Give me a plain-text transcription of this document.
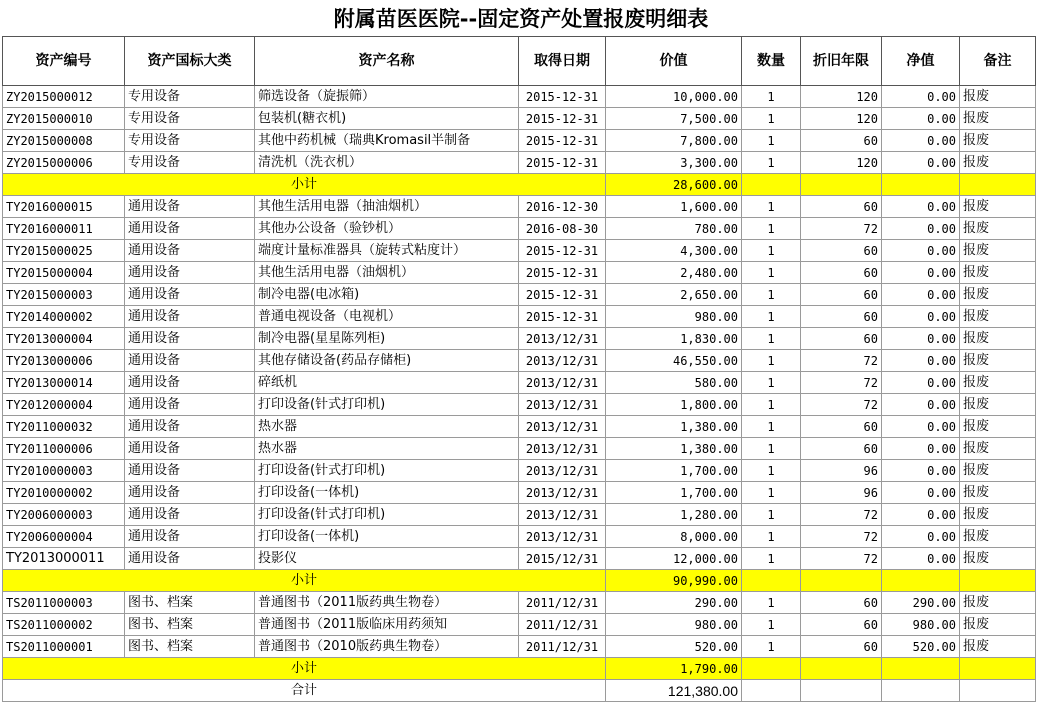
附属苗医医院--固定资产处置报废明细表
资产编号	资产国标大类	资产名称	取得日期	价值	数量	折旧年限	净值	备注
ZY2015000012	专用设备	筛选设备（旋振筛）	2015-12-31	10,000.00	1	120	0.00	报废
ZY2015000010	专用设备	包装机(糖衣机)	2015-12-31	7,500.00	1	120	0.00	报废
ZY2015000008	专用设备	其他中药机械（瑞典Kromasil半制备	2015-12-31	7,800.00	1	60	0.00	报废
ZY2015000006	专用设备	清洗机（洗衣机）	2015-12-31	3,300.00	1	120	0.00	报废
小计				28,600.00				
TY2016000015	通用设备	其他生活用电器（抽油烟机）	2016-12-30	1,600.00	1	60	0.00	报废
TY2016000011	通用设备	其他办公设备（验钞机）	2016-08-30	780.00	1	72	0.00	报废
TY2015000025	通用设备	端度计量标准器具（旋转式粘度计）	2015-12-31	4,300.00	1	60	0.00	报废
TY2015000004	通用设备	其他生活用电器（油烟机）	2015-12-31	2,480.00	1	60	0.00	报废
TY2015000003	通用设备	制冷电器(电冰箱)	2015-12-31	2,650.00	1	60	0.00	报废
TY2014000002	通用设备	普通电视设备（电视机）	2015-12-31	980.00	1	60	0.00	报废
TY2013000004	通用设备	制冷电器(星星陈列柜)	2013/12/31	1,830.00	1	60	0.00	报废
TY2013000006	通用设备	其他存储设备(药品存储柜)	2013/12/31	46,550.00	1	72	0.00	报废
TY2013000014	通用设备	碎纸机	2013/12/31	580.00	1	72	0.00	报废
TY2012000004	通用设备	打印设备(针式打印机)	2013/12/31	1,800.00	1	72	0.00	报废
TY2011000032	通用设备	热水器	2013/12/31	1,380.00	1	60	0.00	报废
TY2011000006	通用设备	热水器	2013/12/31	1,380.00	1	60	0.00	报废
TY2010000003	通用设备	打印设备(针式打印机)	2013/12/31	1,700.00	1	96	0.00	报废
TY2010000002	通用设备	打印设备(一体机)	2013/12/31	1,700.00	1	96	0.00	报废
TY2006000003	通用设备	打印设备(针式打印机)	2013/12/31	1,280.00	1	72	0.00	报废
TY2006000004	通用设备	打印设备(一体机)	2013/12/31	8,000.00	1	72	0.00	报废
TY2013000011	通用设备	投影仪	2015/12/31	12,000.00	1	72	0.00	报废
小计				90,990.00				
TS2011000003	图书、档案	普通图书（2011版药典生物卷）	2011/12/31	290.00	1	60	290.00	报废
TS2011000002	图书、档案	普通图书（2011版临床用药须知	2011/12/31	980.00	1	60	980.00	报废
TS2011000001	图书、档案	普通图书（2010版药典生物卷）	2011/12/31	520.00	1	60	520.00	报废
小计				1,790.00				
合计				121,380.00				
